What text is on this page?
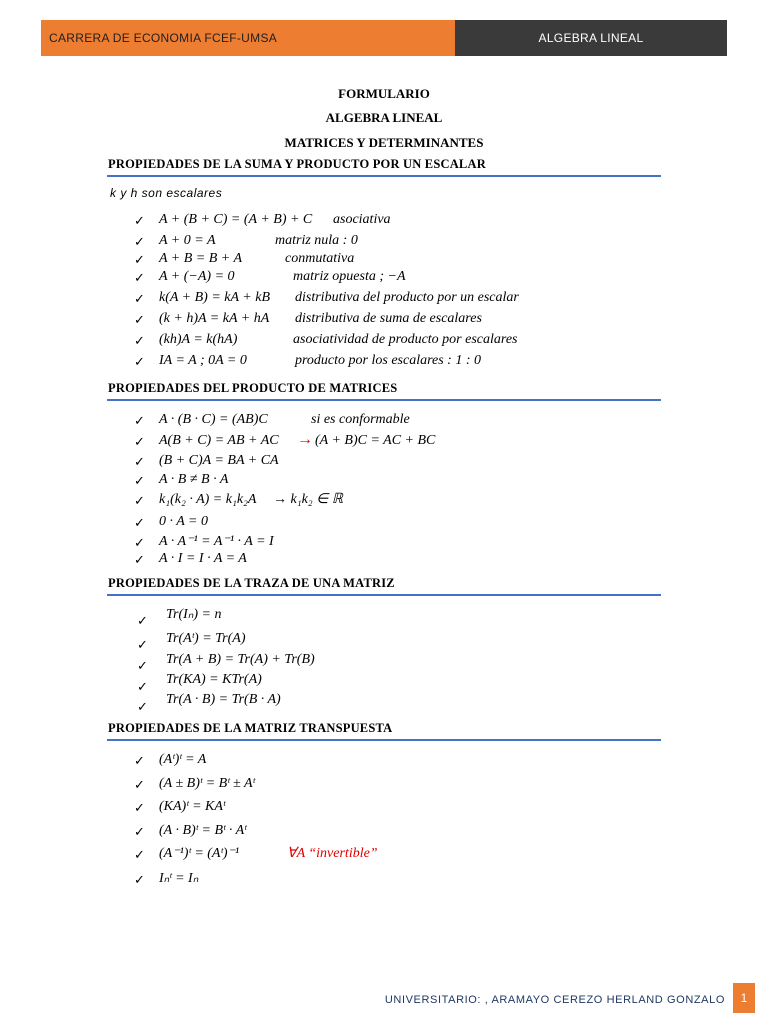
CARRERA DE ECONOMIA FCEF-UMSA	ALGEBRA LINEAL
FORMULARIO
ALGEBRA LINEAL
MATRICES Y DETERMINANTES
PROPIEDADES DE LA SUMA Y PRODUCTO POR UN ESCALAR
k y h son escalares
✓ A + (B + C) = (A + B) + C asociativa
✓ A + 0 = A	matriz nula : 0
✓ A + B = B + A	conmutativa
✓ A + (−A) = 0	matriz opuesta ; −A
✓ k(A + B) = kA + kB distributiva del producto por un escalar
✓ (k + h)A = kA + hA distributiva de suma de escalares
✓ (kh)A = k(hA)	asociatividad de producto por escalares
✓ IA = A ; 0A = 0	producto por los escalares : 1 : 0
PROPIEDADES DEL PRODUCTO DE MATRICES
✓ A · (B · C) = (AB)C	si es conformable
✓ A(B + C) = AB + AC → (A + B)C = AC + BC
✓ (B + C)A = BA + CA
✓ A · B ≠ B · A
✓ k₁(k₂ · A) = k₁k₂A → k₁k₂ ∈ ℝ
✓ 0 · A = 0
✓ A · A⁻¹ = A⁻¹ · A = I
✓ A · I = I · A = A
PROPIEDADES DE LA TRAZA DE UNA MATRIZ
✓ Tr(Iₙ) = n
✓ Tr(Aᵗ) = Tr(A)
✓ Tr(A + B) = Tr(A) + Tr(B)
✓ Tr(KA) = KTr(A)
✓ Tr(A · B) = Tr(B · A)
PROPIEDADES DE LA MATRIZ TRANSPUESTA
✓ (Aᵗ)ᵗ = A
✓ (A ± B)ᵗ = Bᵗ ± Aᵗ
✓ (KA)ᵗ = KAᵗ
✓ (A · B)ᵗ = Bᵗ · Aᵗ
✓ (A⁻¹)ᵗ = (Aᵗ)⁻¹	∀A “invertible”
✓ Iₙᵗ = Iₙ
UNIVERSITARIO: , ARAMAYO CEREZO HERLAND GONZALO	1
